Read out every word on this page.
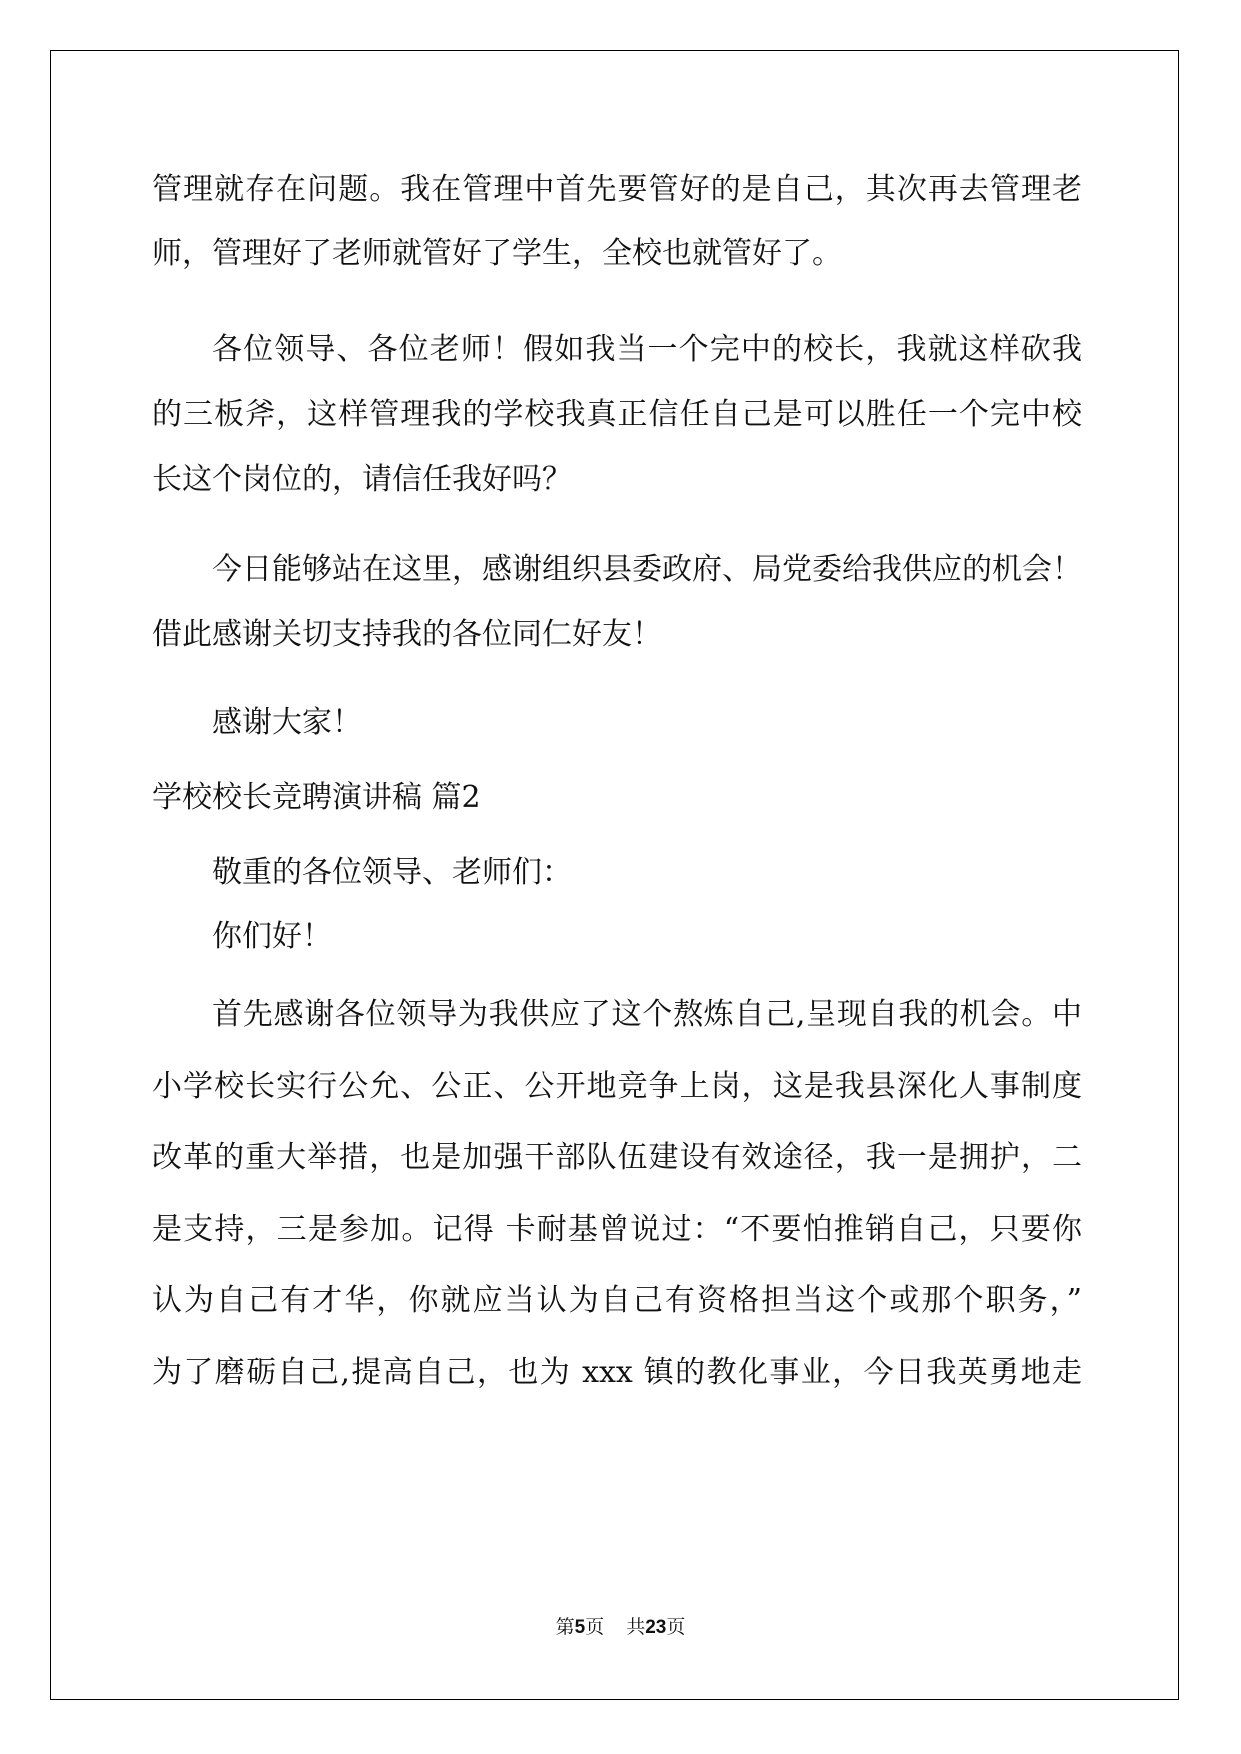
管理就存在问题。我在管理中首先要管好的是自己，其次再去管理老
师，管理好了老师就管好了学生，全校也就管好了。
各位领导、各位老师！假如我当一个完中的校长，我就这样砍我
的三板斧，这样管理我的学校我真正信任自己是可以胜任一个完中校
长这个岗位的，请信任我好吗？
今日能够站在这里，感谢组织县委政府、局党委给我供应的机会！
借此感谢关切支持我的各位同仁好友！
感谢大家！
学校校长竞聘演讲稿 篇2
敬重的各位领导、老师们：
你们好！
首先感谢各位领导为我供应了这个熬炼自己,呈现自我的机会。中
小学校长实行公允、公正、公开地竞争上岗，这是我县深化人事制度
改革的重大举措，也是加强干部队伍建设有效途径，我一是拥护，二
是支持，三是参加。记得 卡耐基曾说过：“不要怕推销自己，只要你
认为自己有才华，你就应当认为自己有资格担当这个或那个职务，”
为了磨砺自己,提高自己，也为 xxx 镇的教化事业，今日我英勇地走
第5页 共23页
